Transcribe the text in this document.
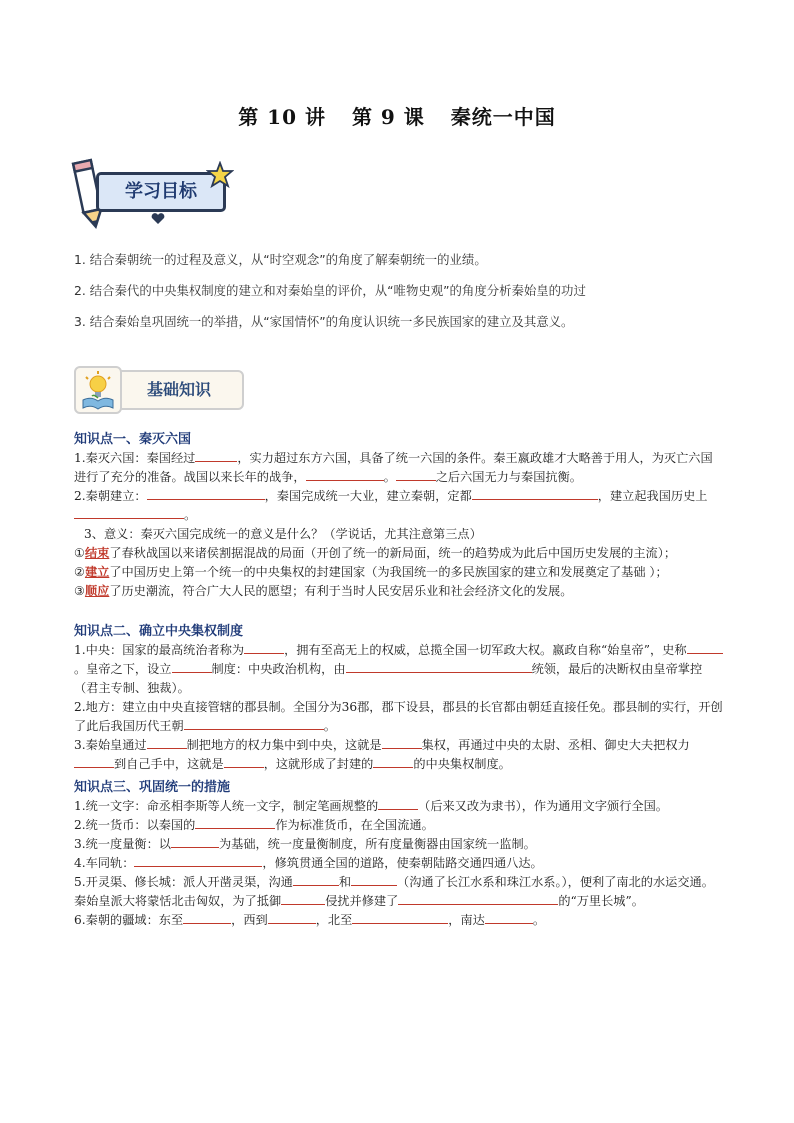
第 10 讲 第 9 课 秦统一中国
学习目标
1. 结合秦朝统一的过程及意义，从“时空观念”的角度了解秦朝统一的业绩。
2. 结合秦代的中央集权制度的建立和对秦始皇的评价，从“唯物史观”的角度分析秦始皇的功过
3. 结合秦始皇巩固统一的举措，从“家国情怀”的角度认识统一多民族国家的建立及其意义。
基础知识

知识点一、秦灭六国

1.秦灭六国：秦国经过	，实力超过东方六国，具备了统一六国的条件。秦王嬴政雄才大略善于用人，为灭亡六国进行了充分的准备。战国以来长年的战争，	。	之后六国无力与秦国抗衡。

2.秦朝建立：	，秦国完成统一大业，建立秦朝，定都	，建立起我国历史上。

3、意义：秦灭六国完成统一的意义是什么？（学说话，尤其注意第三点）

①结束了春秋战国以来诸侯割据混战的局面（开创了统一的新局面，统一的趋势成为此后中国历史发展的主流）；

②建立了中国历史上第一个统一的中央集权的封建国家（为我国统一的多民族国家的建立和发展奠定了基础 ）；

③顺应了历史潮流，符合广大人民的愿望；有利于当时人民安居乐业和社会经济文化的发展。

知识点二、确立中央集权制度

1.中央：国家的最高统治者称为	，拥有至高无上的权威，总揽全国一切军政大权。嬴政自称“始皇帝”，史称。皇帝之下，设立	制度：中央政治机构，由	统领，最后的决断权由皇帝掌控（君主专制、独裁）。

2.地方：建立由中央直接管辖的郡县制。全国分为36郡，郡下设县，郡县的长官都由朝廷直接任免。郡县制的实行，开创了此后我国历代王朝	。

3.秦始皇通过	制把地方的权力集中到中央，这就是	集权，再通过中央的太尉、丞相、御史大夫把权力到自己手中，这就是	，这就形成了封建的	的中央集权制度。

知识点三、巩固统一的措施

1.统一文字：命丞相李斯等人统一文字，制定笔画规整的	（后来又改为隶书），作为通用文字颁行全国。

2.统一货币：以秦国的	作为标准货币，在全国流通。

3.统一度量衡：以	为基础，统一度量衡制度，所有度量衡器由国家统一监制。

4.车同轨：	，修筑贯通全国的道路，使秦朝陆路交通四通八达。

5.开灵渠、修长城：派人开凿灵渠，沟通	和	（沟通了长江水系和珠江水系。），便利了南北的水运交通。秦始皇派大将蒙恬北击匈奴，为了抵御	侵扰并修建了	的“万里长城”。

6.秦朝的疆域：东至	，西到	，北至	，南达	。
